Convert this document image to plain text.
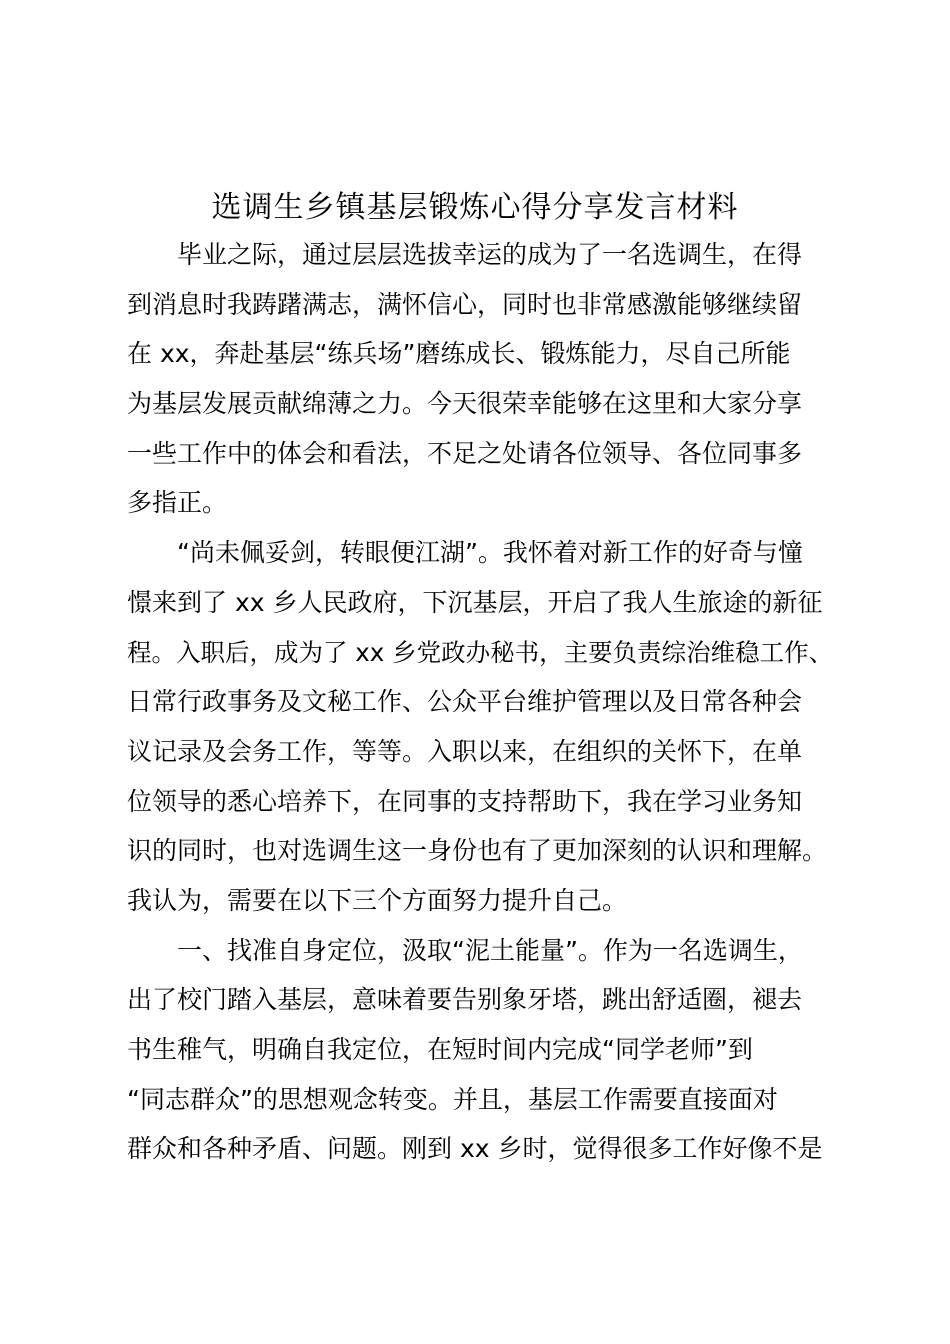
选调生乡镇基层锻炼心得分享发言材料
毕业之际，通过层层选拔幸运的成为了一名选调生，在得
到消息时我踌躇满志，满怀信心，同时也非常感激能够继续留
在 xx，奔赴基层“练兵场”磨练成长、锻炼能力，尽自己所能
为基层发展贡献绵薄之力。今天很荣幸能够在这里和大家分享
一些工作中的体会和看法，不足之处请各位领导、各位同事多
多指正。
“尚未佩妥剑，转眼便江湖”。我怀着对新工作的好奇与憧
憬来到了 xx 乡人民政府，下沉基层，开启了我人生旅途的新征
程。入职后，成为了 xx 乡党政办秘书，主要负责综治维稳工作、
日常行政事务及文秘工作、公众平台维护管理以及日常各种会
议记录及会务工作，等等。入职以来，在组织的关怀下，在单
位领导的悉心培养下，在同事的支持帮助下，我在学习业务知
识的同时，也对选调生这一身份也有了更加深刻的认识和理解。
我认为，需要在以下三个方面努力提升自己。
一、找准自身定位，汲取“泥土能量”。作为一名选调生，
出了校门踏入基层，意味着要告别象牙塔，跳出舒适圈，褪去
书生稚气，明确自我定位，在短时间内完成“同学老师”到
“同志群众”的思想观念转变。并且，基层工作需要直接面对
群众和各种矛盾、问题。刚到 xx 乡时，觉得很多工作好像不是
